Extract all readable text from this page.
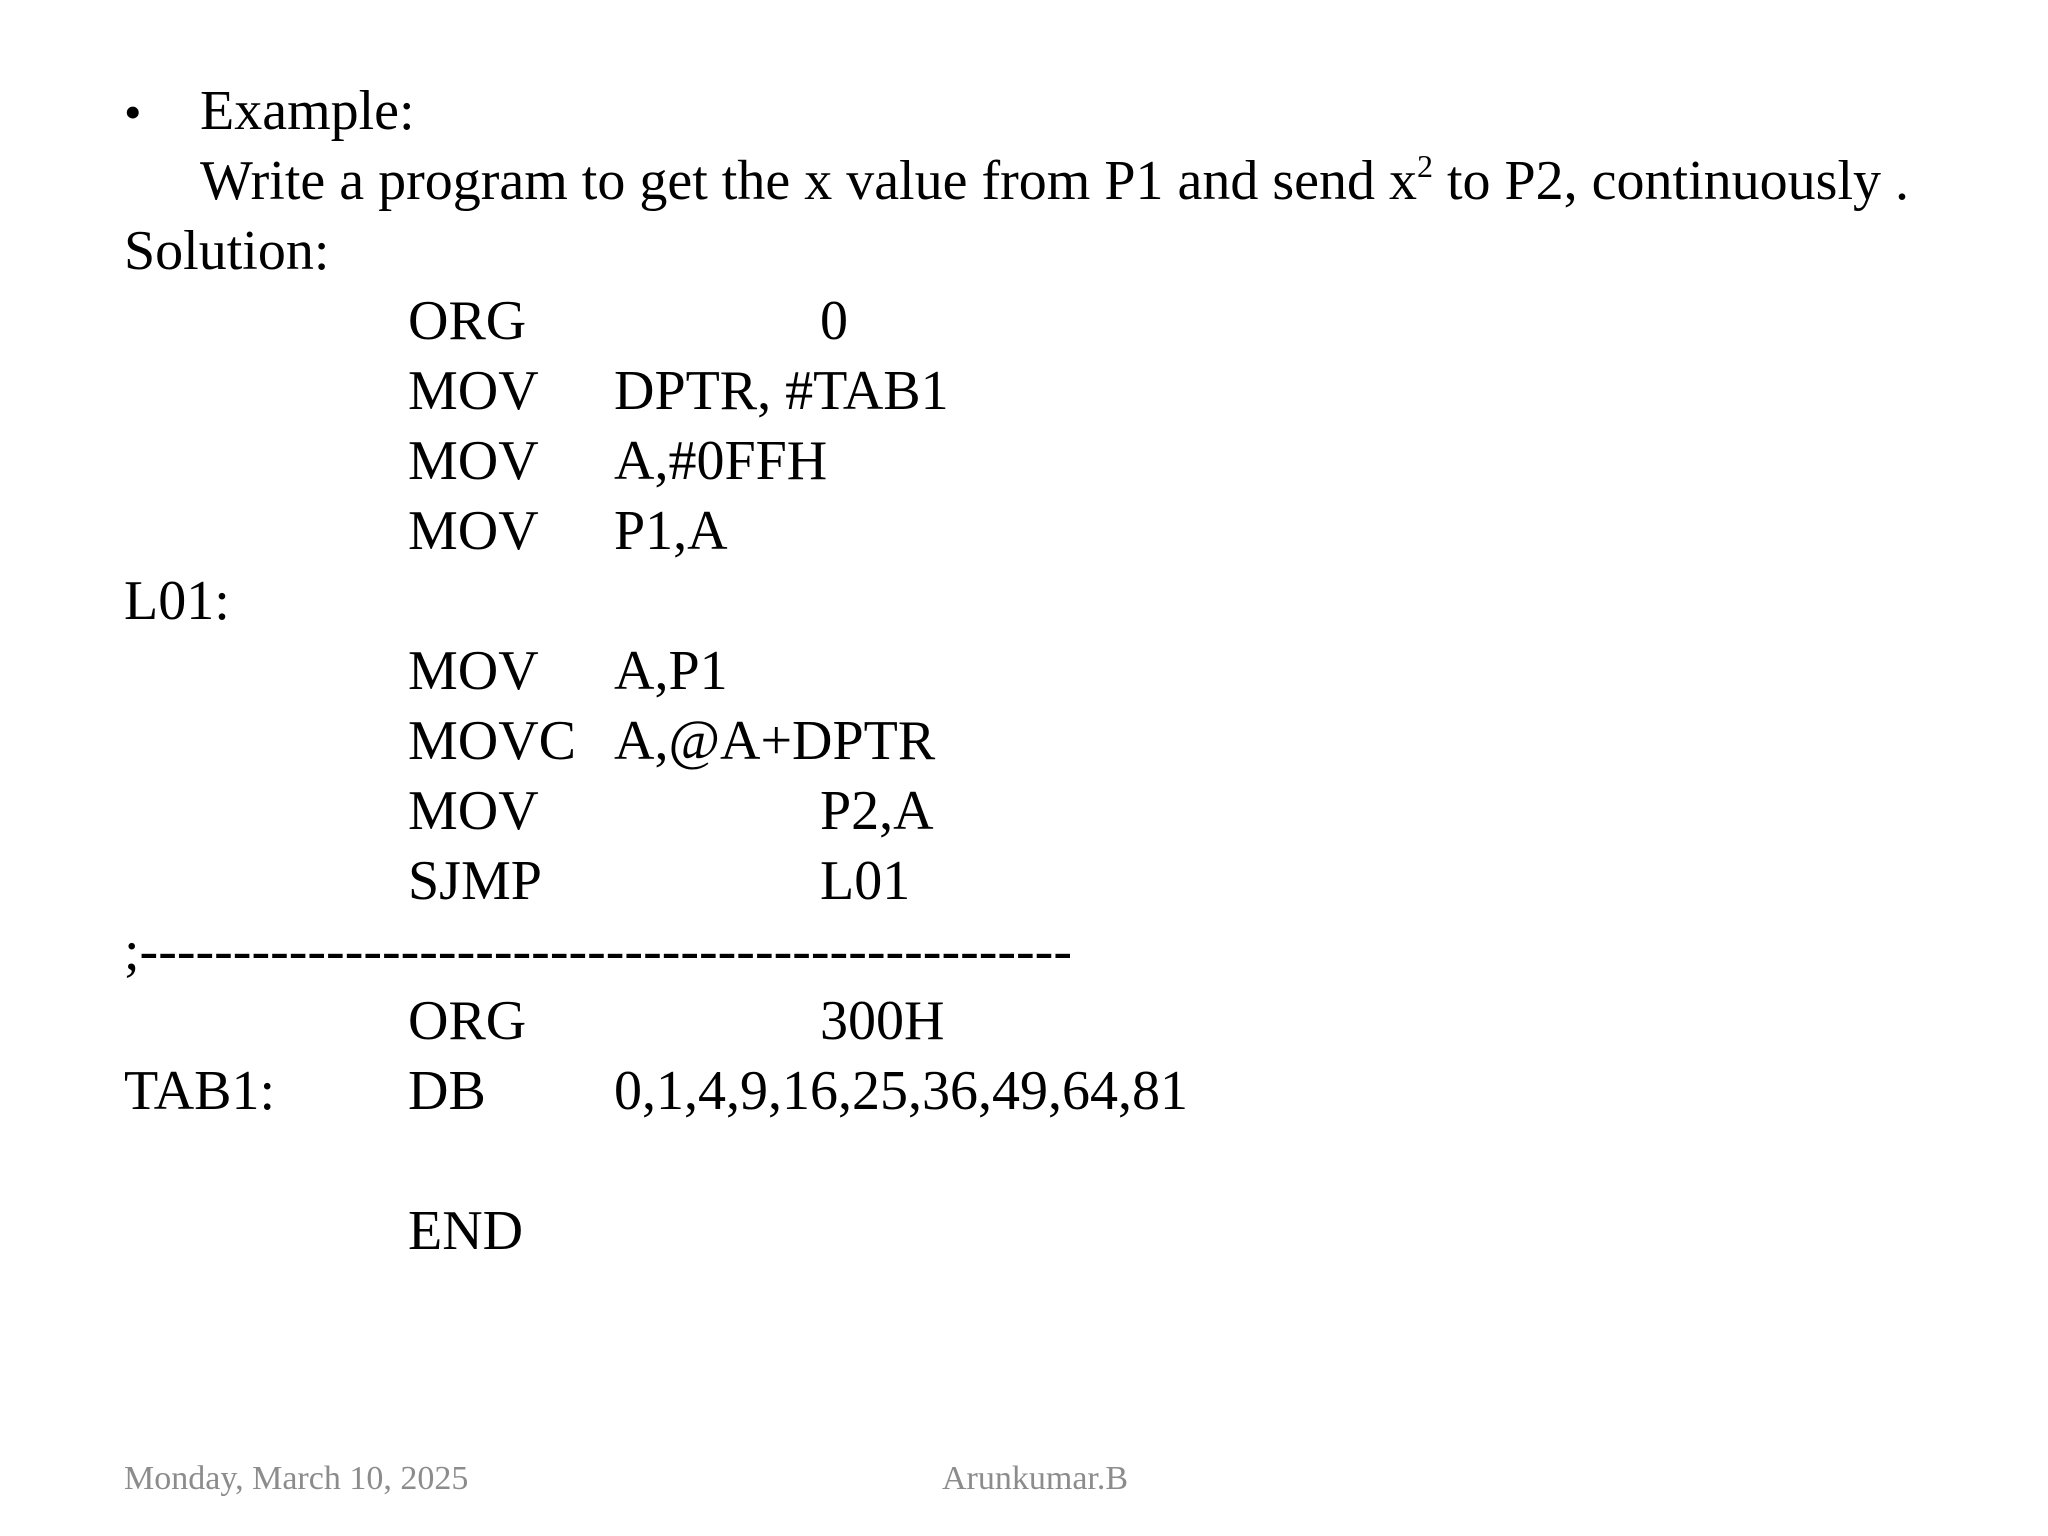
• Example:
Write a program to get the x value from P1 and send $x^2$ to P2, continuously .
Solution:
ORG	0
MOV DPTR, #TAB1
MOV A,#0FFH
MOV P1,A
L01:
MOV A,P1
MOVC A,@A+DPTR
MOV	P2,A
SJMP	L01
;--------------------------------------------------
ORG	300H
TAB1: DB 0,1,4,9,16,25,36,49,64,81
END
Monday, March 10, 2025	Arunkumar.B
